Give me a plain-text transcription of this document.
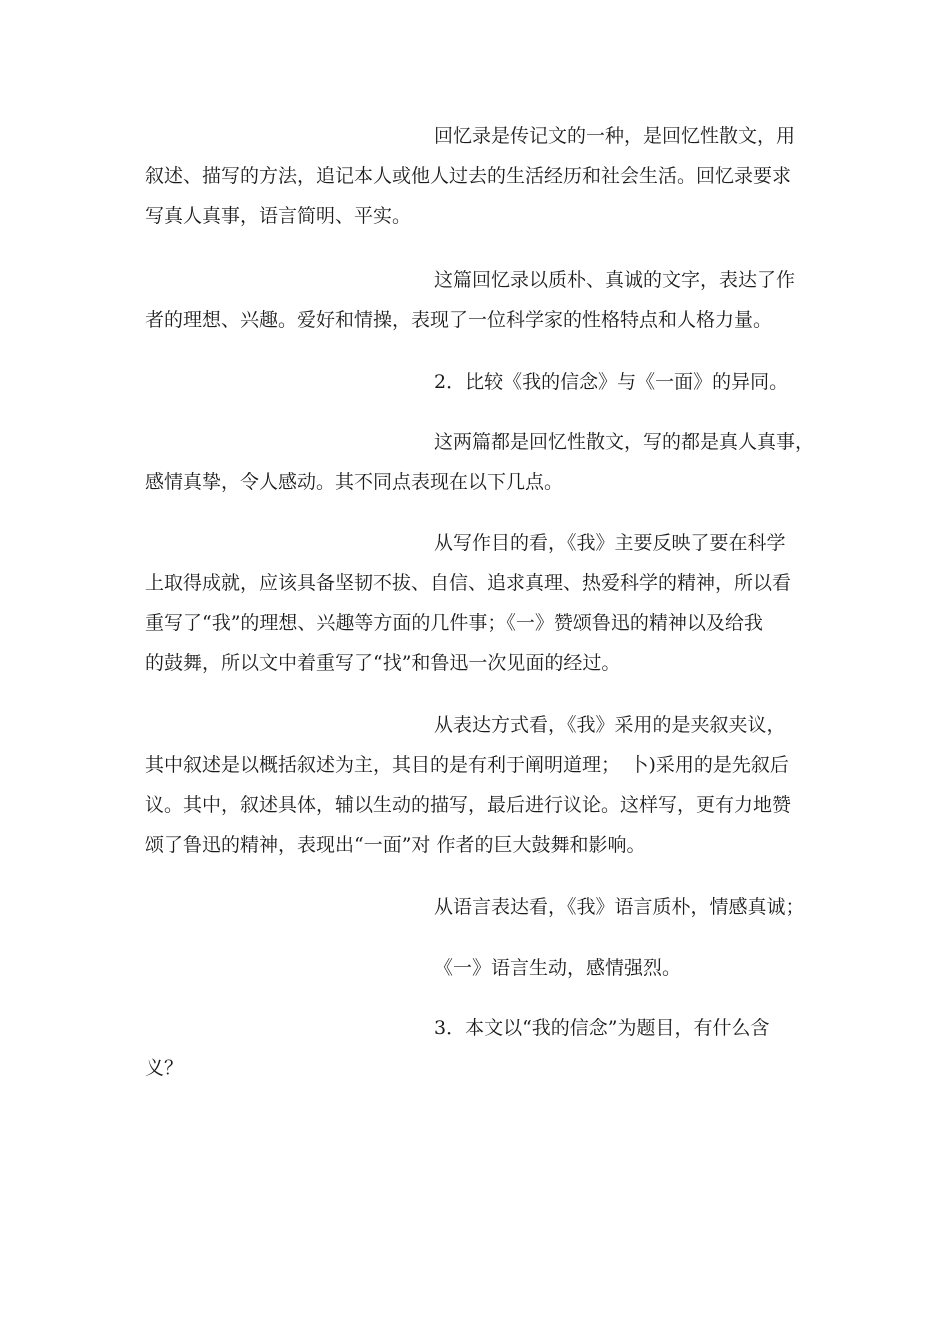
回忆录是传记文的一种，是回忆性散文，用
叙述、描写的方法，追记本人或他人过去的生活经历和社会生活。回忆录要求
写真人真事，语言简明、平实。
这篇回忆录以质朴、真诚的文字，表达了作
者的理想、兴趣。爱好和情操，表现了一位科学家的性格特点和人格力量。
2．比较《我的信念》与《一面》的异同。
这两篇都是回忆性散文，写的都是真人真事，
感情真挚，令人感动。其不同点表现在以下几点。
从写作目的看，《我》主要反映了要在科学
上取得成就，应该具备坚韧不拔、自信、追求真理、热爱科学的精神，所以看
重写了“我”的理想、兴趣等方面的几件事；《一》赞颂鲁迅的精神以及给我
的鼓舞，所以文中着重写了“找”和鲁迅一次见面的经过。
从表达方式看，《我》采用的是夹叙夹议，
其中叙述是以概括叙述为主，其目的是有利于阐明道理；　卜)采用的是先叙后
议。其中，叙述具体，辅以生动的描写，最后进行议论。这样写，更有力地赞
颂了鲁迅的精神，表现出“一面”对 作者的巨大鼓舞和影响。
从语言表达看，《我》语言质朴，情感真诚；
《一》语言生动，感情强烈。
3．本文以“我的信念”为题目，有什么含
义？
